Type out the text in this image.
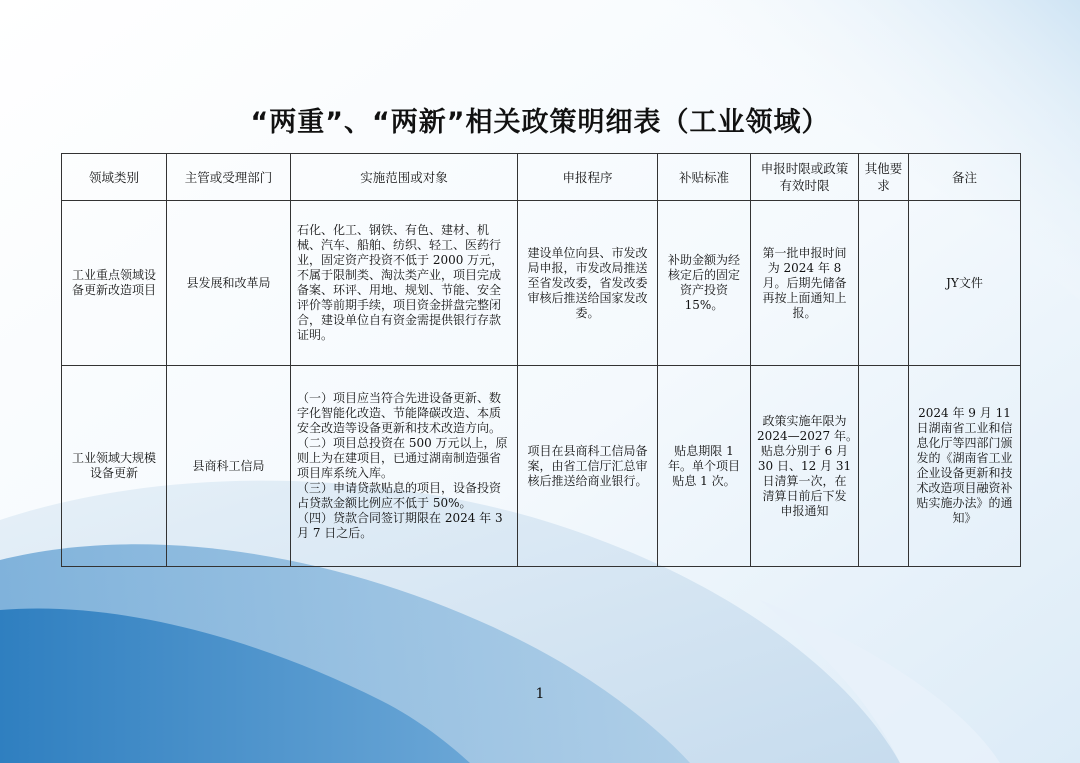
“两重”、“两新”相关政策明细表（工业领域）
领域类别	主管或受理部门	实施范围或对象	申报程序	补贴标准	申报时限或政策有效时限	其他要求	备注
工业重点领域设备更新改造项目	县发展和改革局	石化、化工、钢铁、有色、建材、机械、汽车、船舶、纺织、轻工、医药行业，固定资产投资不低于 2000 万元，不属于限制类、淘汰类产业，项目完成备案、环评、用地、规划、节能、安全评价等前期手续，项目资金拼盘完整闭合，建设单位自有资金需提供银行存款证明。	建设单位向县、市发改局申报，市发改局推送至省发改委，省发改委审核后推送给国家发改委。	补助金额为经核定后的固定资产投资 15%。	第一批申报时间为 2024 年 8 月。后期先储备再按上面通知上报。		JY文件
工业领域大规模设备更新	县商科工信局	（一）项目应当符合先进设备更新、数字化智能化改造、节能降碳改造、本质安全改造等设备更新和技术改造方向。
（二）项目总投资在 500 万元以上，原则上为在建项目，已通过湖南制造强省项目库系统入库。
（三）申请贷款贴息的项目，设备投资占贷款金额比例应不低于 50%。
（四）贷款合同签订期限在 2024 年 3 月 7 日之后。	项目在县商科工信局备案，由省工信厅汇总审核后推送给商业银行。	贴息期限 1 年。单个项目贴息 1 次。	政策实施年限为 2024—2027 年。　　贴息分别于 6 月 30 日、12 月 31 日清算一次，在清算日前后下发申报通知		2024 年 9 月 11 日湖南省工业和信息化厅等四部门颁发的《湖南省工业企业设备更新和技术改造项目融资补贴实施办法》的通知》
1
